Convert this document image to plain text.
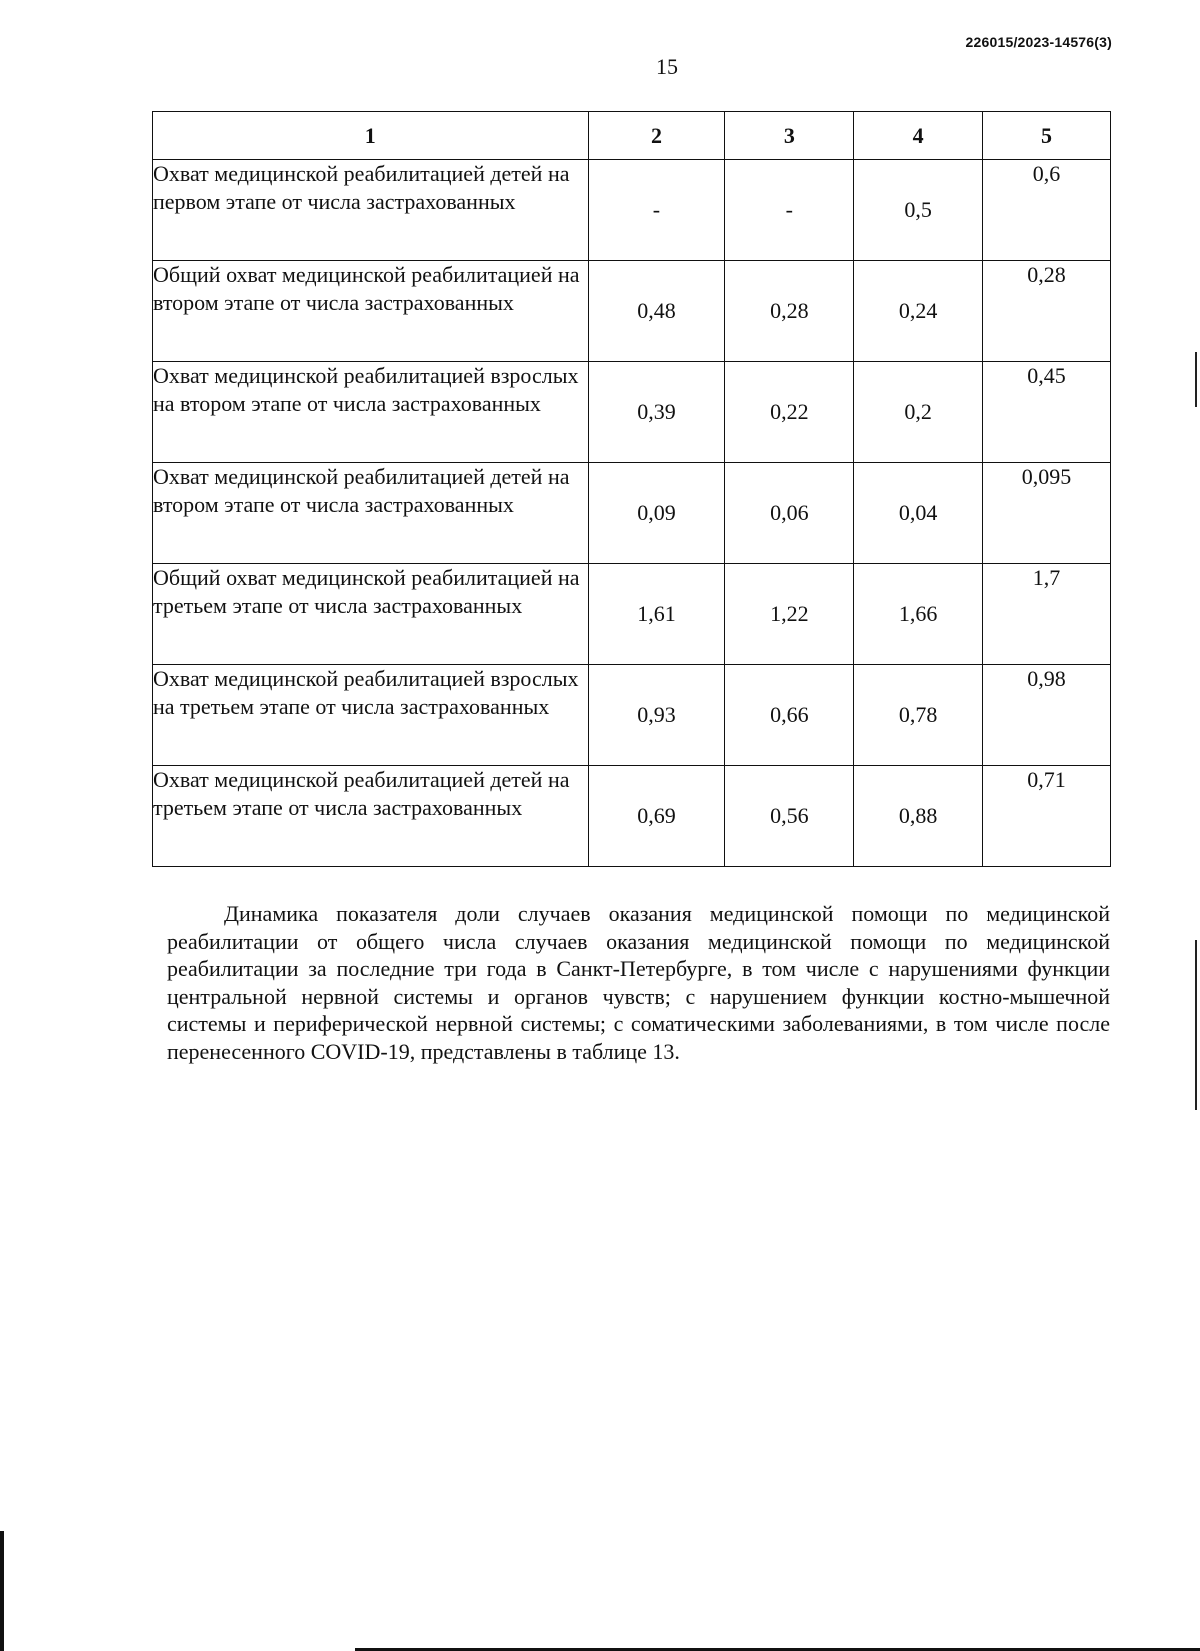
226015/2023-14576(3)
15
1	2	3	4	5
Охват медицинской реабилитацией детей на первом этапе от числа застрахованных	-	-	0,5	0,6
Общий охват медицинской реабилитацией на втором этапе от числа застрахованных	0,48	0,28	0,24	0,28
Охват медицинской реабилитацией взрослых на втором этапе от числа застрахованных	0,39	0,22	0,2	0,45
Охват медицинской реабилитацией детей на втором этапе от числа застрахованных	0,09	0,06	0,04	0,095
Общий охват медицинской реабилитацией на третьем этапе от числа застрахованных	1,61	1,22	1,66	1,7
Охват медицинской реабилитацией взрослых на третьем этапе от числа застрахованных	0,93	0,66	0,78	0,98
Охват медицинской реабилитацией детей на третьем этапе от числа застрахованных	0,69	0,56	0,88	0,71

Динамика показателя доли случаев оказания медицинской помощи по медицинской реабилитации от общего числа случаев оказания медицинской помощи по медицинской реабилитации за последние три года в Санкт-Петербурге, в том числе с нарушениями функции центральной нервной системы и органов чувств; с нарушением функции костно-мышечной системы и периферической нервной системы; с соматическими заболеваниями, в том числе после перенесенного COVID-19, представлены в таблице 13.
